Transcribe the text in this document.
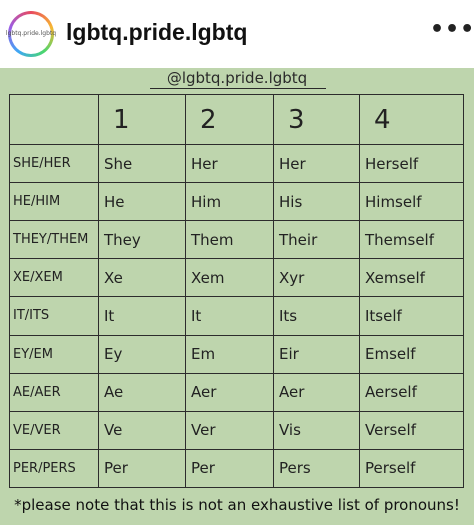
lgbtq.pride.lgbtq lgbtq.pride.lgbtq	•••
@lgbtq.pride.lgbtq
	1	2	3	4
SHE/HER	She	Her	Her	Herself
HE/HIM	He	Him	His	Himself
THEY/THEM	They	Them	Their	Themself
XE/XEM	Xe	Xem	Xyr	Xemself
IT/ITS	It	It	Its	Itself
EY/EM	Ey	Em	Eir	Emself
AE/AER	Ae	Aer	Aer	Aerself
VE/VER	Ve	Ver	Vis	Verself
PER/PERS	Per	Per	Pers	Perself
*please note that this is not an exhaustive list of pronouns!
